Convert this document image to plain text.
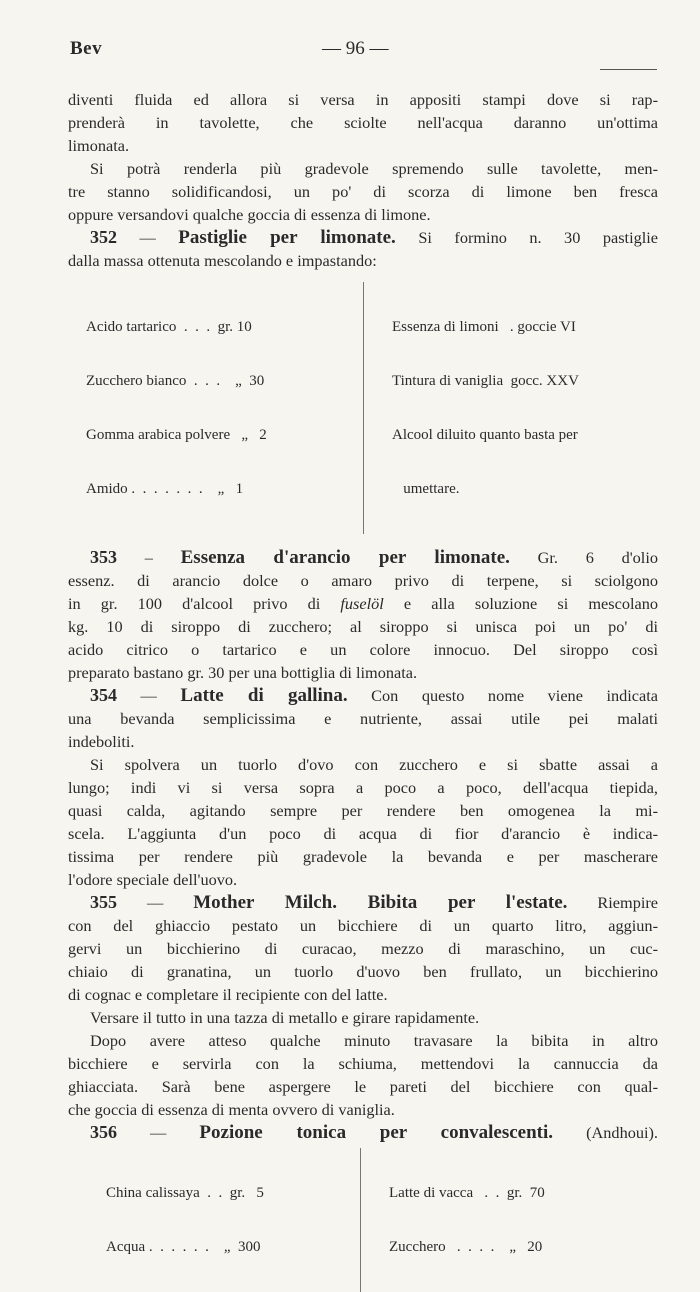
Bev	— 96 —

diventi fluida ed allora si versa in appositi stampi dove si rap-

prenderà in tavolette, che sciolte nell'acqua daranno un'ottima

limonata.

Si potrà renderla più gradevole spremendo sulle tavolette, men-

tre stanno solidificandosi, un po' di scorza di limone ben fresca

oppure versandovi qualche goccia di essenza di limone.

352 — Pastiglie per limonate. Si formino n. 30 pastiglie

dalla massa ottenuta mescolando e impastando:

Acido tartarico  .  .  .  gr. 10

Zucchero bianco  .  .  .    „  30

Gomma arabica polvere   „   2

Amido .  .  .  .  .  .  .    „   1

Essenza di limoni   . goccie VI

Tintura di vaniglia  gocc. XXV

Alcool diluito quanto basta per

umettare.

353 – Essenza d'arancio per limonate. Gr. 6 d'olio

essenz. di arancio dolce o amaro privo di terpene, si sciolgono

in gr. 100 d'alcool privo di fuselöl e alla soluzione si mescolano

kg. 10 di siroppo di zucchero; al siroppo si unisca poi un po' di

acido citrico o tartarico e un colore innocuo. Del siroppo così

preparato bastano gr. 30 per una bottiglia di limonata.

354 — Latte di gallina. Con questo nome viene indicata

una bevanda semplicissima e nutriente, assai utile pei malati

indeboliti.

Si spolvera un tuorlo d'ovo con zucchero e si sbatte assai a

lungo; indi vi si versa sopra a poco a poco, dell'acqua tiepida,

quasi calda, agitando sempre per rendere ben omogenea la mi-

scela. L'aggiunta d'un poco di acqua di fior d'arancio è indica-

tissima per rendere più gradevole la bevanda e per mascherare

l'odore speciale dell'uovo.

355 — Mother Milch. Bibita per l'estate. Riempire

con del ghiaccio pestato un bicchiere di un quarto litro, aggiun-

gervi un bicchierino di curacao, mezzo di maraschino, un cuc-

chiaio di granatina, un tuorlo d'uovo ben frullato, un bicchierino

di cognac e completare il recipiente con del latte.

Versare il tutto in una tazza di metallo e girare rapidamente.

Dopo avere atteso qualche minuto travasare la bibita in altro

bicchiere e servirla con la schiuma, mettendovi la cannuccia da

ghiacciata. Sarà bene aspergere le pareti del bicchiere con qual-

che goccia di essenza di menta ovvero di vaniglia.

356 — Pozione tonica per convalescenti. (Andhoui).

China calissaya  .  .  gr.   5

Acqua .  .  .  .  .  .    „  300

Latte di vacca   .  .  gr.  70

Zucchero   .  .  .  .    „   20
